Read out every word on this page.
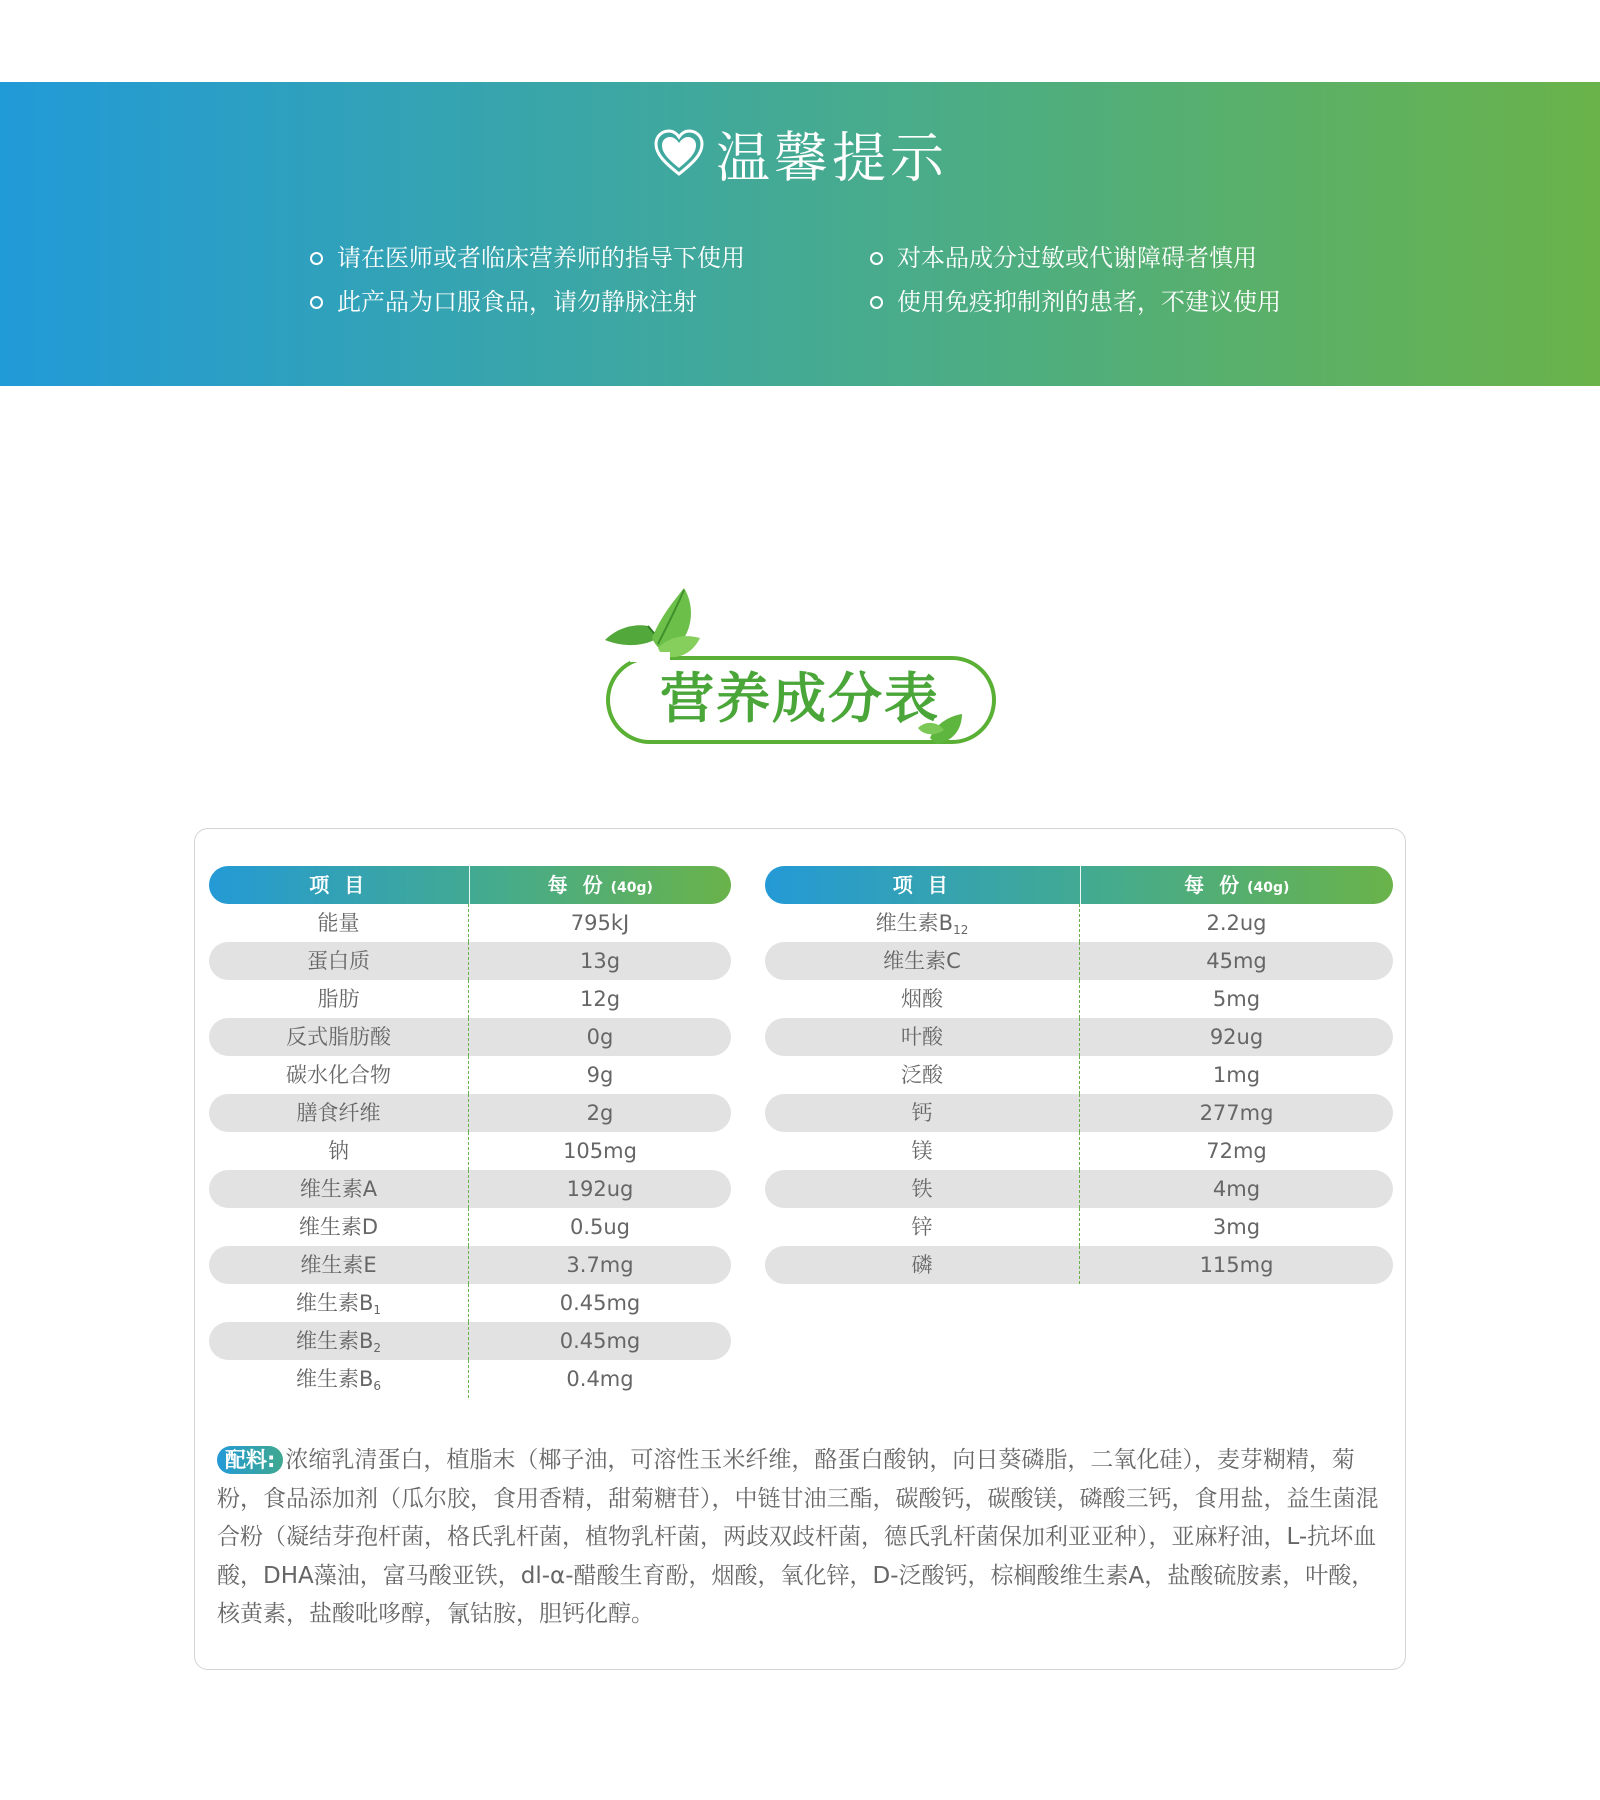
温馨提示
请在医师或者临床营养师的指导下使用
此产品为口服食品，请勿静脉注射
对本品成分过敏或代谢障碍者慎用
使用免疫抑制剂的患者，不建议使用
营养成分表
项 目	每 份 (40g)
能量	795kJ
蛋白质	13g
脂肪	12g
反式脂肪酸	0g
碳水化合物	9g
膳食纤维	2g
钠	105mg
维生素A	192ug
维生素D	0.5ug
维生素E	3.7mg
维生素$B_1$	0.45mg
维生素$B_2$	0.45mg
维生素$B_6$	0.4mg
项 目	每 份 (40g)
维生素$B_{12}$	2.2ug
维生素C	45mg
烟酸	5mg
叶酸	92ug
泛酸	1mg
钙	277mg
镁	72mg
铁	4mg
锌	3mg
磷	115mg
配料: 浓缩乳清蛋白，植脂末（椰子油，可溶性玉米纤维，酪蛋白酸钠，向日葵磷脂，二氧化硅），麦芽糊精，菊粉，食品添加剂（瓜尔胶，食用香精，甜菊糖苷），中链甘油三酯，碳酸钙，碳酸镁，磷酸三钙，食用盐，益生菌混合粉（凝结芽孢杆菌，格氏乳杆菌，植物乳杆菌，两歧双歧杆菌，德氏乳杆菌保加利亚亚种），亚麻籽油，L-抗坏血酸，DHA藻油，富马酸亚铁，dl-α-醋酸生育酚，烟酸，氧化锌，D-泛酸钙，棕榈酸维生素A，盐酸硫胺素，叶酸，核黄素，盐酸吡哆醇，氰钴胺，胆钙化醇。
